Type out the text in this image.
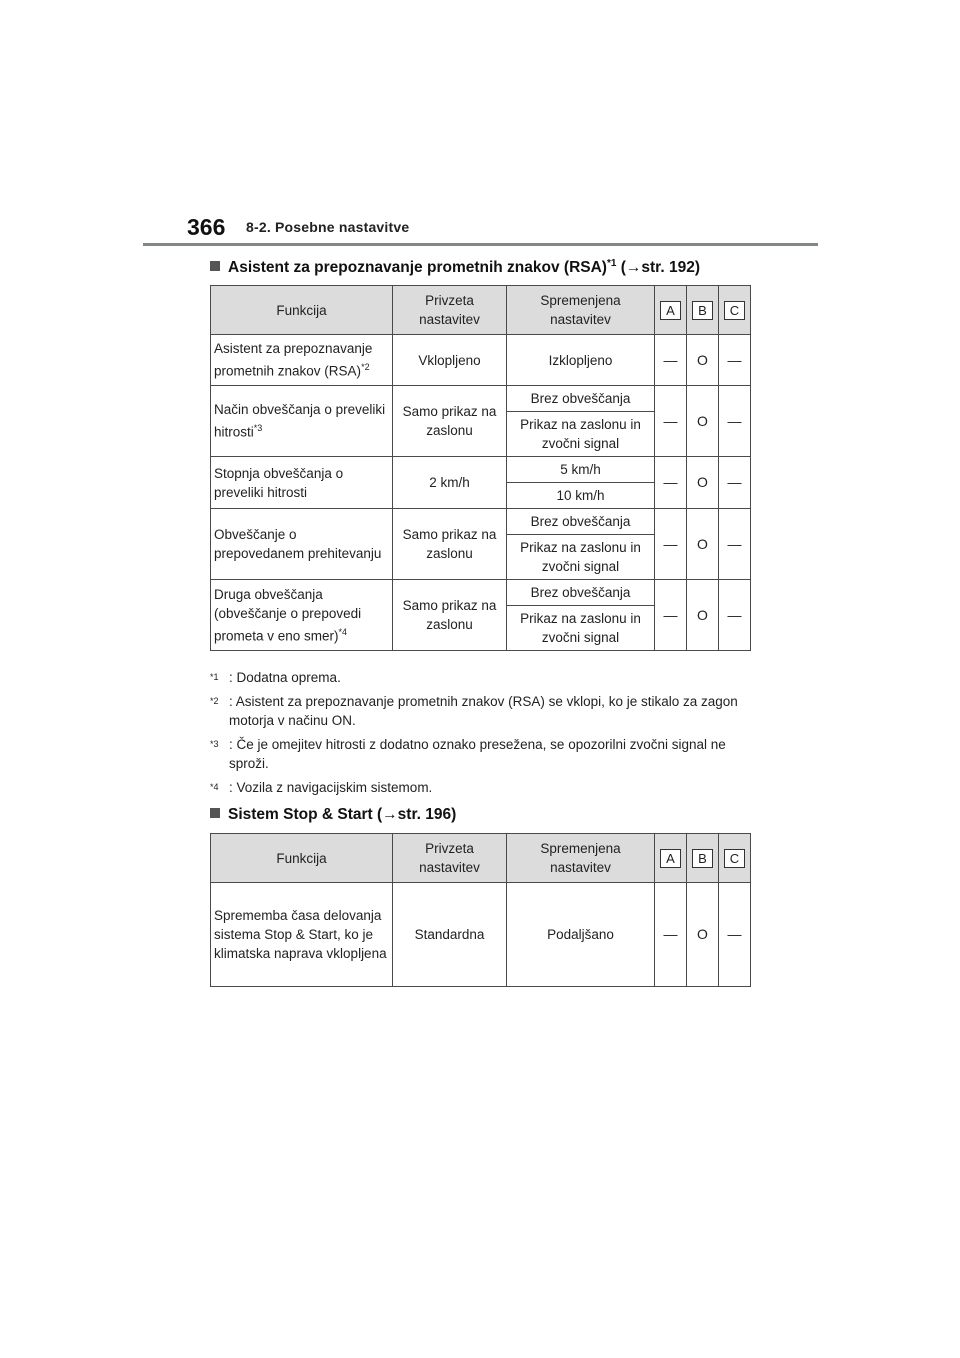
366 8-2. Posebne nastavitve
Asistent za prepoznavanje prometnih znakov (RSA)$^{*1}$ (→str. 192)
Funkcija	Privzeta nastavitev	Spremenjena nastavitev	A	B	C
Asistent za prepoznavanje prometnih znakov (RSA)$^{*2}$	Vklopljeno	Izklopljeno	—	O	—
Način obveščanja o preveliki hitrosti$^{*3}$	Samo prikaz na zaslonu	Brez obveščanja	—	O	—
		Prikaz na zaslonu in zvočni signal			
Stopnja obveščanja o preveliki hitrosti	2 km/h	5 km/h	—	O	—
		10 km/h			
Obveščanje o prepovedanem prehitevanju	Samo prikaz na zaslonu	Brez obveščanja	—	O	—
		Prikaz na zaslonu in zvočni signal			
Druga obveščanja (obveščanje o prepovedi prometa v eno smer)$^{*4}$	Samo prikaz na zaslonu	Brez obveščanja	—	O	—
		Prikaz na zaslonu in zvočni signal			
*1 : Dodatna oprema.
*2 : Asistent za prepoznavanje prometnih znakov (RSA) se vklopi, ko je stikalo za zagon motorja v načinu ON.
*3 : Če je omejitev hitrosti z dodatno oznako presežena, se opozorilni zvočni signal ne sproži.
*4 : Vozila z navigacijskim sistemom.
Sistem Stop & Start (→str. 196)
Funkcija	Privzeta nastavitev	Spremenjena nastavitev	A	B	C
Sprememba časa delovanja sistema Stop & Start, ko je klimatska naprava vklopljena	Standardna	Podaljšano	—	O	—
